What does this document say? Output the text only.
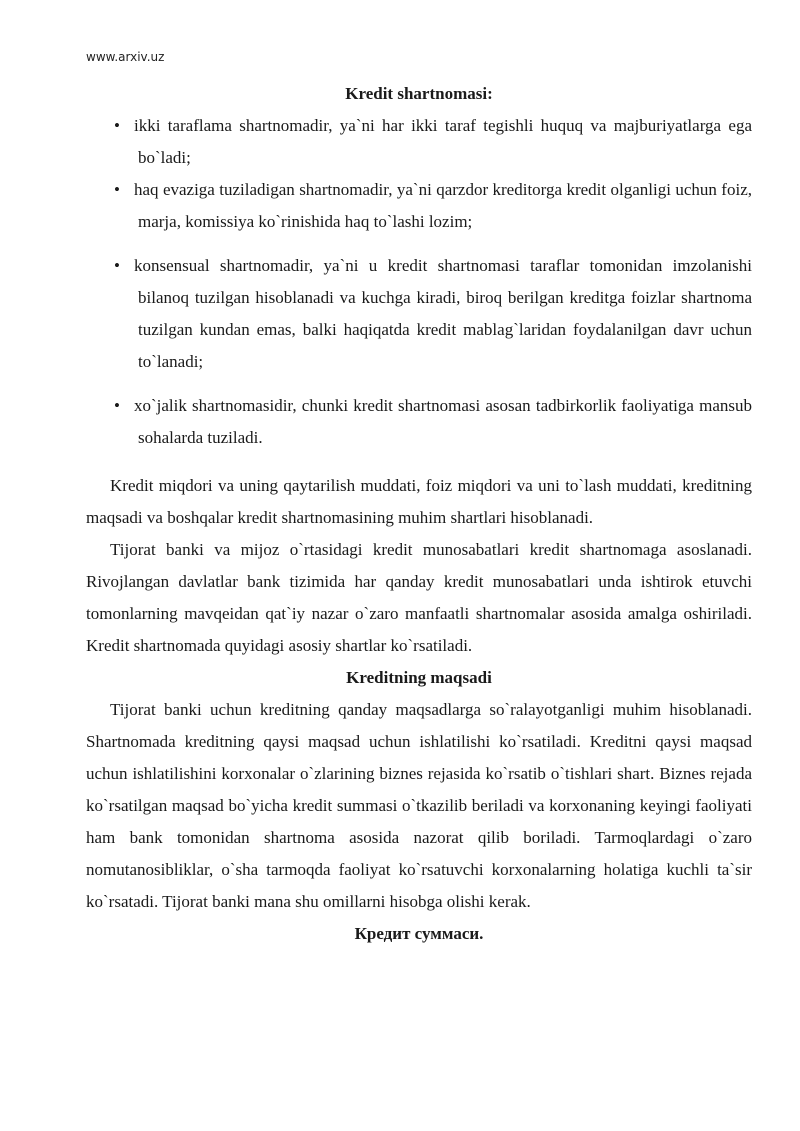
www.arxiv.uz
Kredit shartnomasi:
• ikki taraflama shartnomadir, ya`ni har ikki taraf tegishli huquq va majburiyatlarga ega bo`ladi;
• haq evaziga tuziladigan shartnomadir, ya`ni qarzdor kreditorga kredit olganligi uchun foiz, marja, komissiya ko`rinishida haq to`lashi lozim;
• konsensual shartnomadir, ya`ni u kredit shartnomasi taraflar tomonidan imzolanishi bilanoq tuzilgan hisoblanadi va kuchga kiradi, biroq berilgan kreditga foizlar shartnoma tuzilgan kundan emas, balki haqiqatda kredit mablag`laridan foydalanilgan davr uchun to`lanadi;
• xo`jalik shartnomasidir, chunki kredit shartnomasi asosan tadbirkorlik faoliyatiga mansub sohalarda tuziladi.

Kredit miqdori va uning qaytarilish muddati, foiz miqdori va uni to`lash muddati, kreditning maqsadi va boshqalar kredit shartnomasining muhim shartlari hisoblanadi.

Tijorat banki va mijoz o`rtasidagi kredit munosabatlari kredit shartnomaga asoslanadi. Rivojlangan davlatlar bank tizimida har qanday kredit munosabatlari unda ishtirok etuvchi tomonlarning mavqeidan qat`iy nazar o`zaro manfaatli shartnomalar asosida amalga oshiriladi. Kredit shartnomada quyidagi asosiy shartlar ko`rsatiladi.

Kreditning maqsadi

Tijorat banki uchun kreditning qanday maqsadlarga so`ralayotganligi muhim hisoblanadi. Shartnomada kreditning qaysi maqsad uchun ishlatilishi ko`rsatiladi. Kreditni qaysi maqsad uchun ishlatilishini korxonalar o`zlarining biznes rejasida ko`rsatib o`tishlari shart. Biznes rejada ko`rsatilgan maqsad bo`yicha kredit summasi o`tkazilib beriladi va korxonaning keyingi faoliyati ham bank tomonidan shartnoma asosida nazorat qilib boriladi. Tarmoqlardagi o`zaro nomutanosibliklar, o`sha tarmoqda faoliyat ko`rsatuvchi korxonalarning holatiga kuchli ta`sir ko`rsatadi. Tijorat banki mana shu omillarni hisobga olishi kerak.

Кредит суммаси.
